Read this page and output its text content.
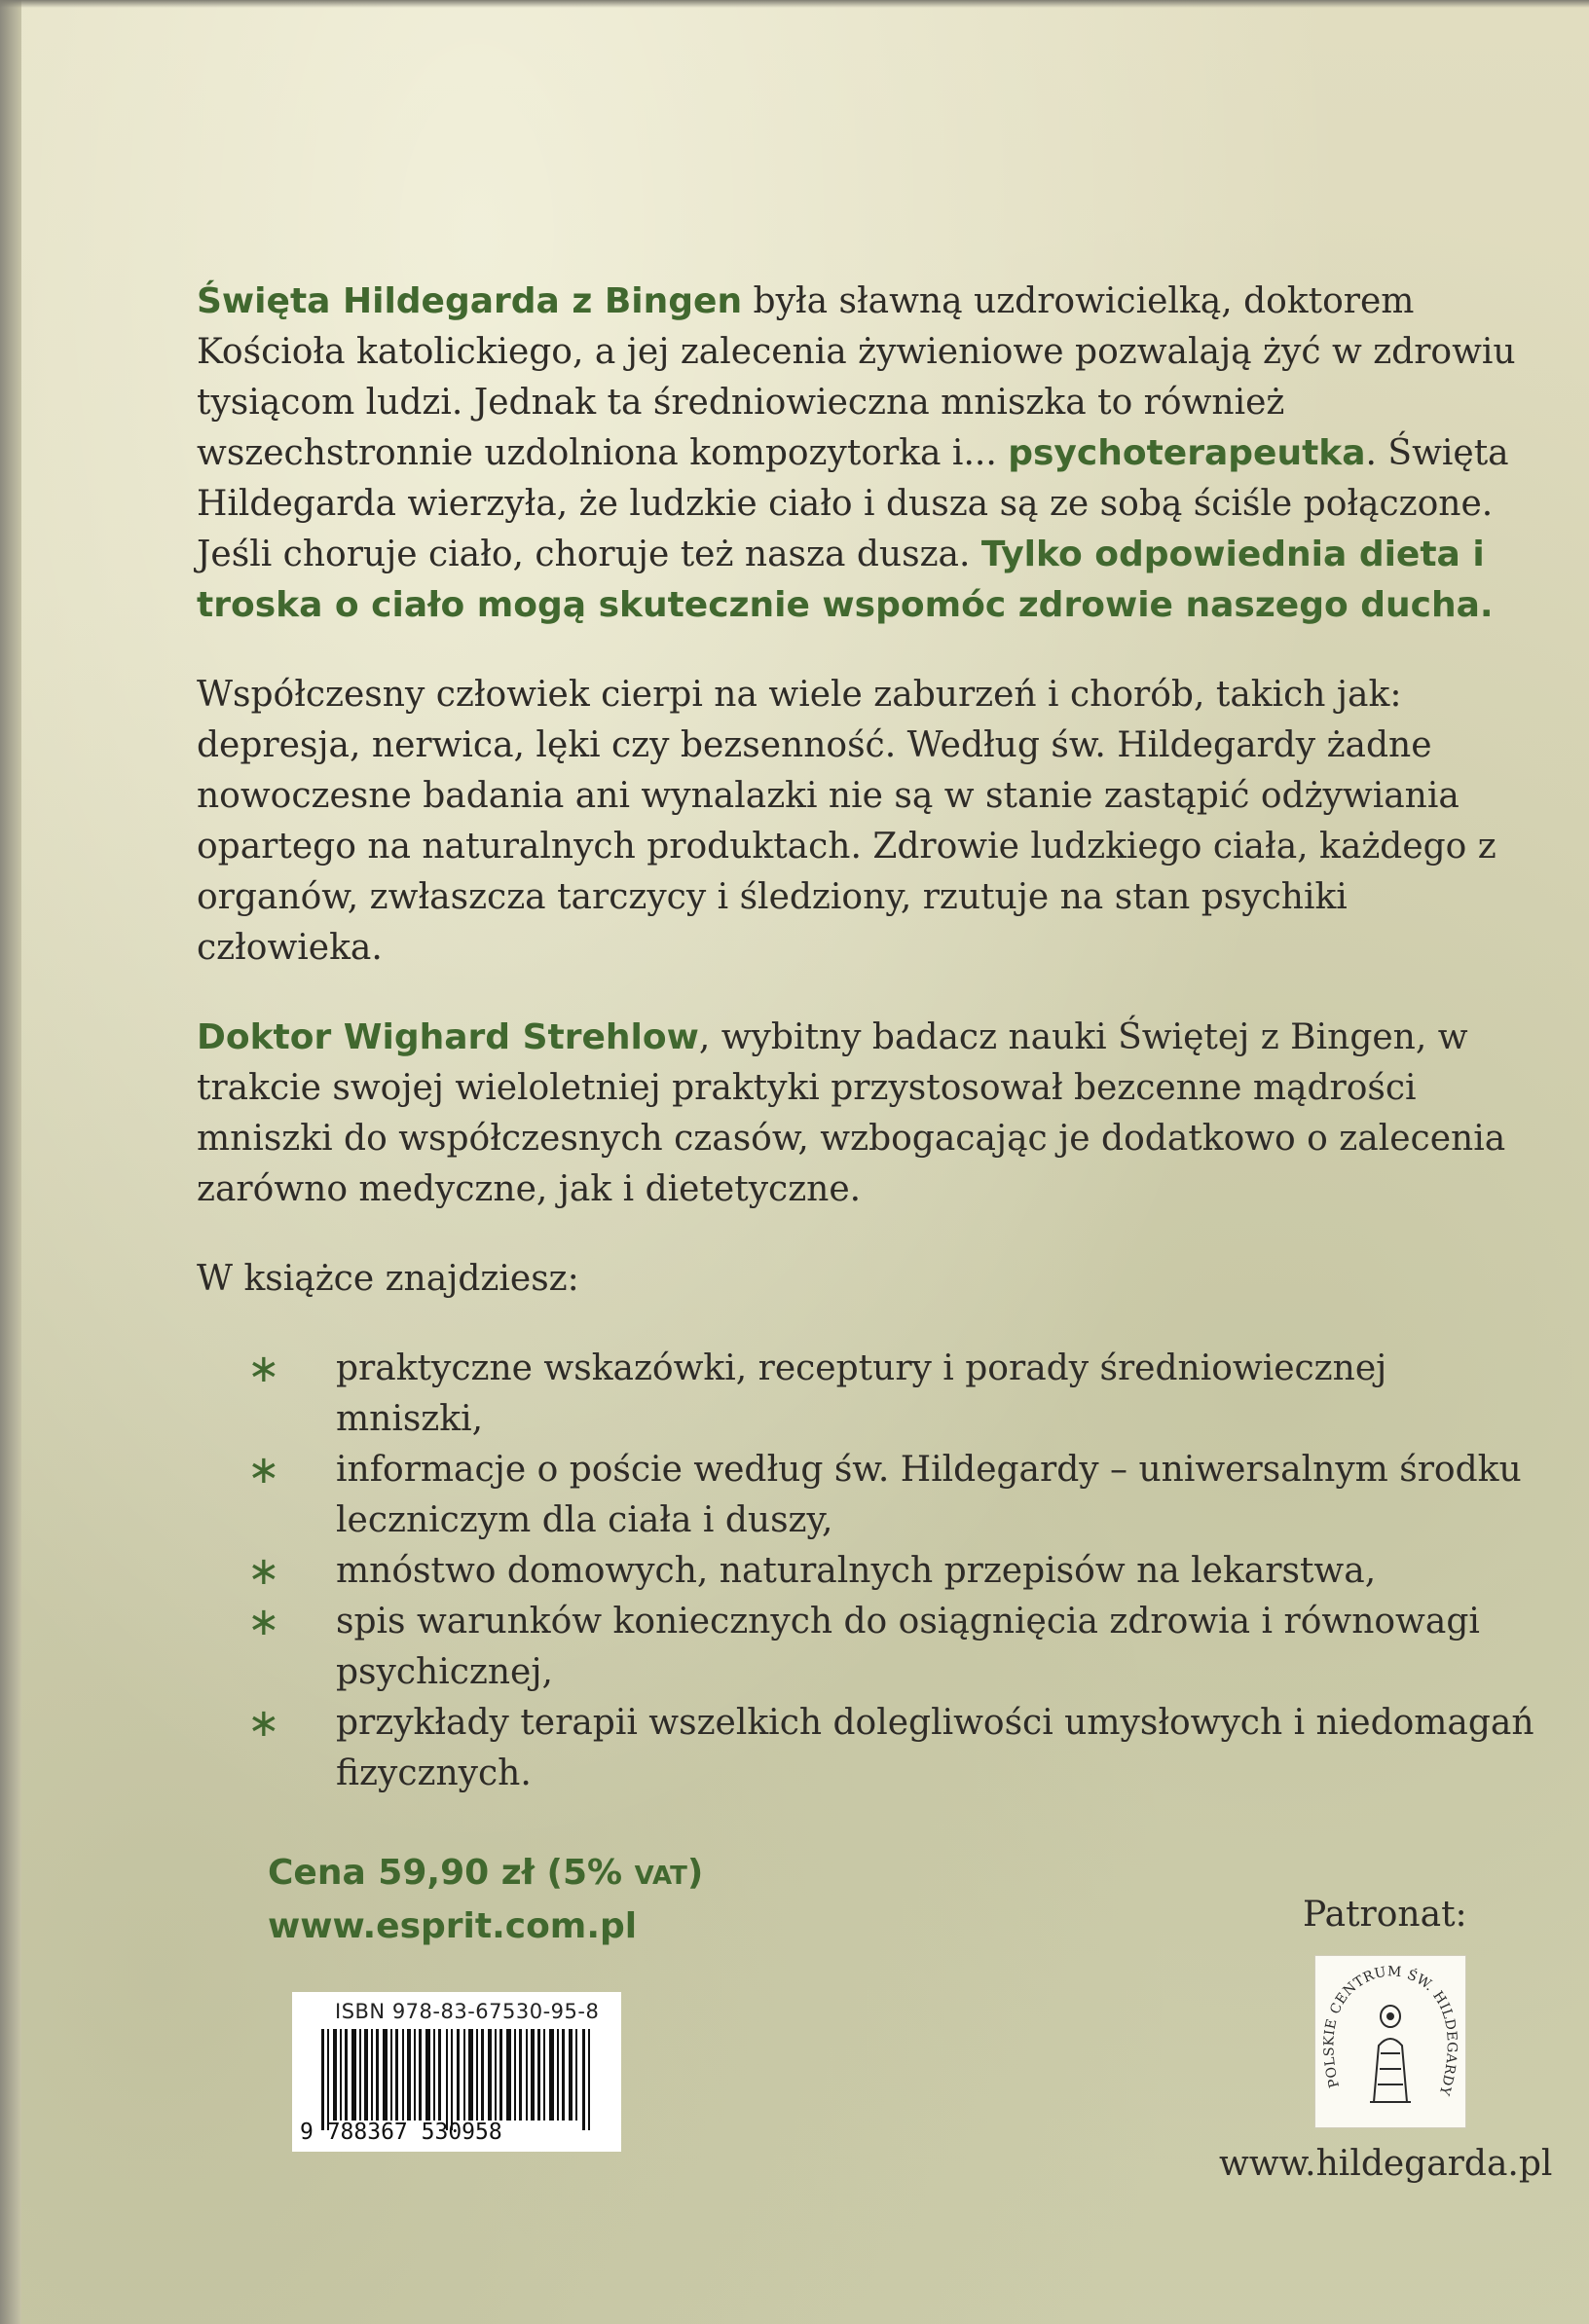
Święta Hildegarda z Bingen była sławną uzdrowicielką, doktorem Kościoła katolickiego, a jej zalecenia żywieniowe pozwalają żyć w zdrowiu tysiącom ludzi. Jednak ta średniowieczna mniszka to również wszechstronnie uzdolniona kompozytorka i... psychoterapeutka. Święta Hildegarda wierzyła, że ludzkie ciało i dusza są ze sobą ściśle połączone. Jeśli choruje ciało, choruje też nasza dusza. Tylko odpowiednia dieta i troska o ciało mogą skutecznie wspomóc zdrowie naszego ducha.

Współczesny człowiek cierpi na wiele zaburzeń i chorób, takich jak: depresja, nerwica, lęki czy bezsenność. Według św. Hildegardy żadne nowoczesne badania ani wynalazki nie są w stanie zastąpić odżywiania opartego na naturalnych produktach. Zdrowie ludzkiego ciała, każdego z organów, zwłaszcza tarczycy i śledziony, rzutuje na stan psychiki człowieka.

Doktor Wighard Strehlow, wybitny badacz nauki Świętej z Bingen, w trakcie swojej wieloletniej praktyki przystosował bezcenne mądrości mniszki do współczesnych czasów, wzbogacając je dodatkowo o zalecenia zarówno medyczne, jak i dietetyczne.

W książce znajdziesz:

∗ praktyczne wskazówki, receptury i porady średniowiecznej mniszki,
∗ informacje o poście według św. Hildegardy – uniwersalnym środku leczniczym dla ciała i duszy,
∗ mnóstwo domowych, naturalnych przepisów na lekarstwa,
∗ spis warunków koniecznych do osiągnięcia zdrowia i równowagi psychicznej,
∗ przykłady terapii wszelkich dolegliwości umysłowych i niedomagań fizycznych.
Cena 59,90 zł (5% VAT)
www.esprit.com.pl
ISBN 978-83-67530-95-8
9 788367 530958
Patronat:
POLSKIE CENTRUM ŚW. HILDEGARDY
www.hildegarda.pl
